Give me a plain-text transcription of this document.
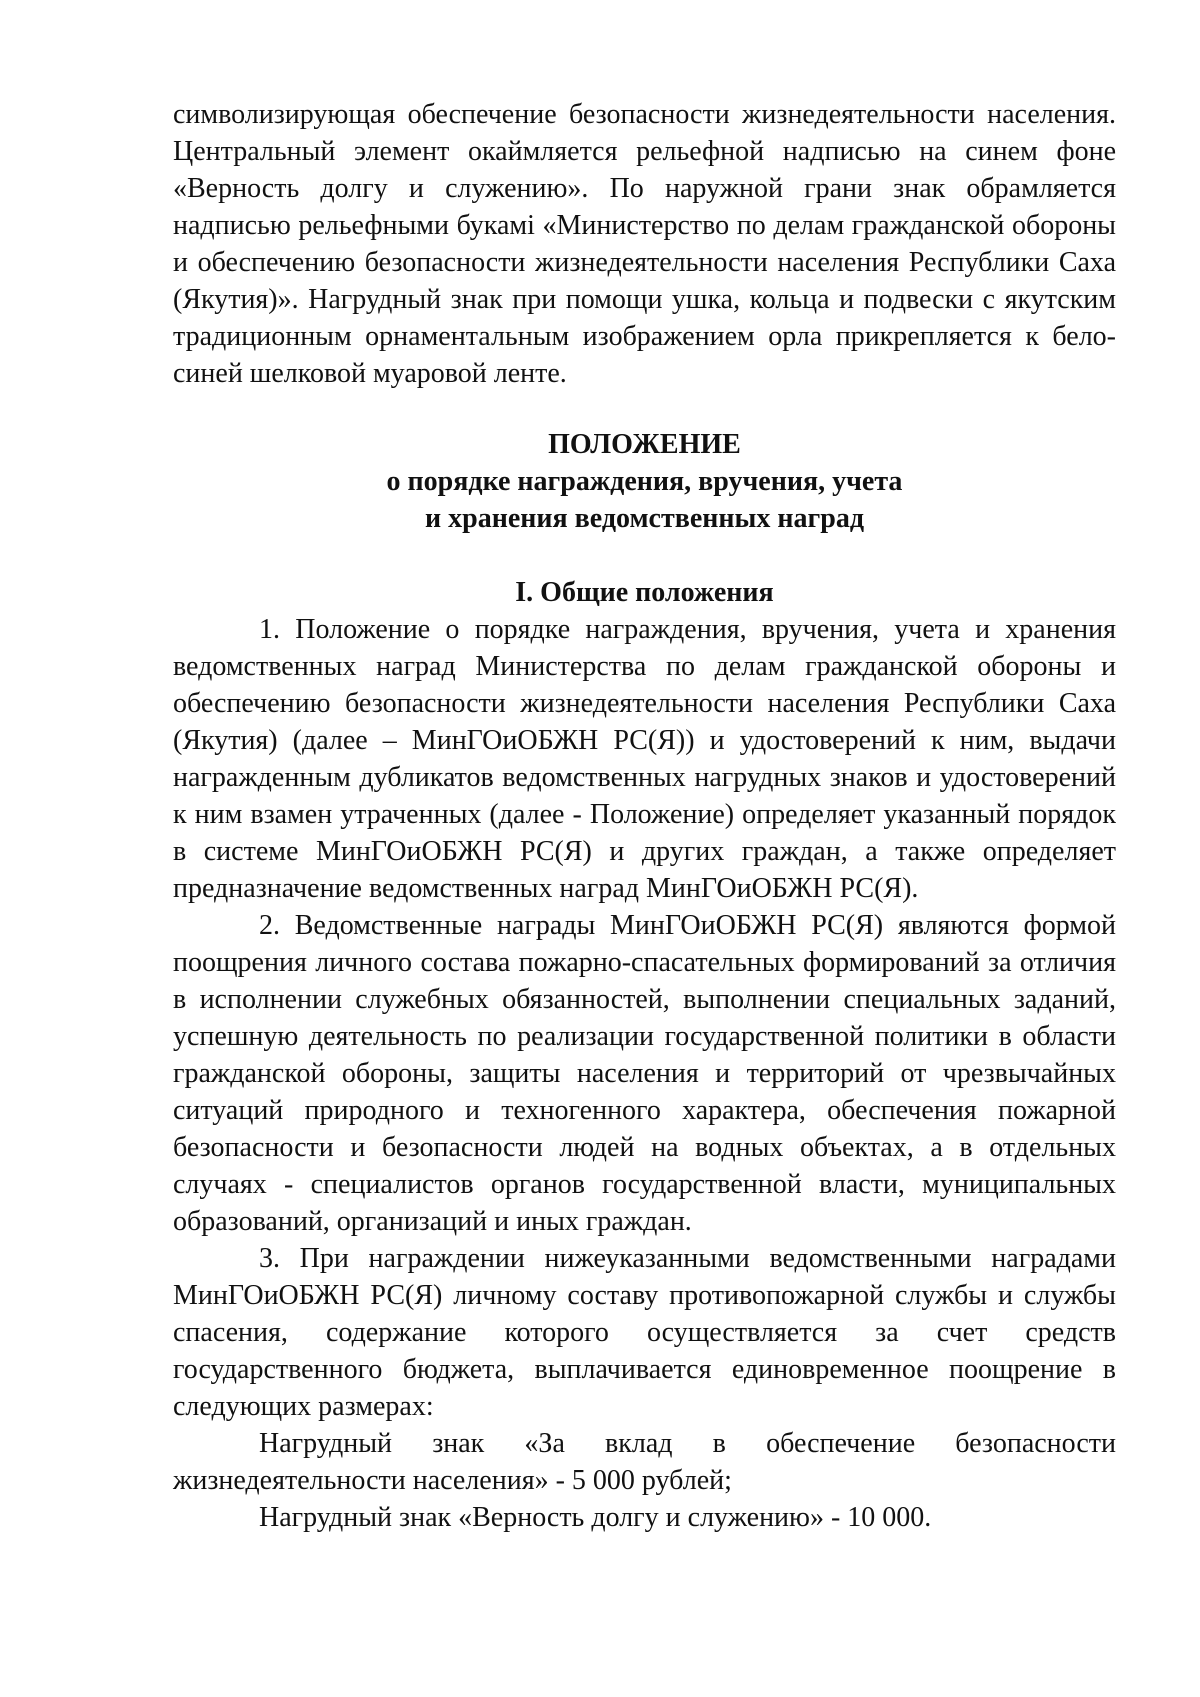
символизирующая обеспечение безопасности жизнедеятельности населения. Центральный элемент окаймляется рельефной надписью на синем фоне «Верность долгу и служению». По наружной грани знак обрамляется надписью рельефными букамі «Министерство по делам гражданской обороны и обеспечению безопасности жизнедеятельности населения Республики Саха (Якутия)». Нагрудный знак при помощи ушка, кольца и подвески с якутским традиционным орнаментальным изображением орла прикрепляется к бело-синей шелковой муаровой ленте.

ПОЛОЖЕНИЕ
о порядке награждения, вручения, учета
и хранения ведомственных наград
I. Общие положения

1. Положение о порядке награждения, вручения, учета и хранения ведомственных наград Министерства по делам гражданской обороны и обеспечению безопасности жизнедеятельности населения Республики Саха (Якутия) (далее – МинГОиОБЖН РС(Я)) и удостоверений к ним, выдачи награжденным дубликатов ведомственных нагрудных знаков и удостоверений к ним взамен утраченных (далее - Положение) определяет указанный порядок в системе МинГОиОБЖН РС(Я) и других граждан, а также определяет предназначение ведомственных наград МинГОиОБЖН РС(Я).

2. Ведомственные награды МинГОиОБЖН РС(Я) являются формой поощрения личного состава пожарно-спасательных формирований за отличия в исполнении служебных обязанностей, выполнении специальных заданий, успешную деятельность по реализации государственной политики в области гражданской обороны, защиты населения и территорий от чрезвычайных ситуаций природного и техногенного характера, обеспечения пожарной безопасности и безопасности людей на водных объектах, а в отдельных случаях - специалистов органов государственной власти, муниципальных образований, организаций и иных граждан.

3. При награждении нижеуказанными ведомственными наградами МинГОиОБЖН РС(Я) личному составу противопожарной службы и службы спасения, содержание которого осуществляется за счет средств государственного бюджета, выплачивается единовременное поощрение в следующих размерах:

Нагрудный знак «За вклад в обеспечение безопасности жизнедеятельности населения» - 5 000 рублей;

Нагрудный знак «Верность долгу и служению» - 10 000.
